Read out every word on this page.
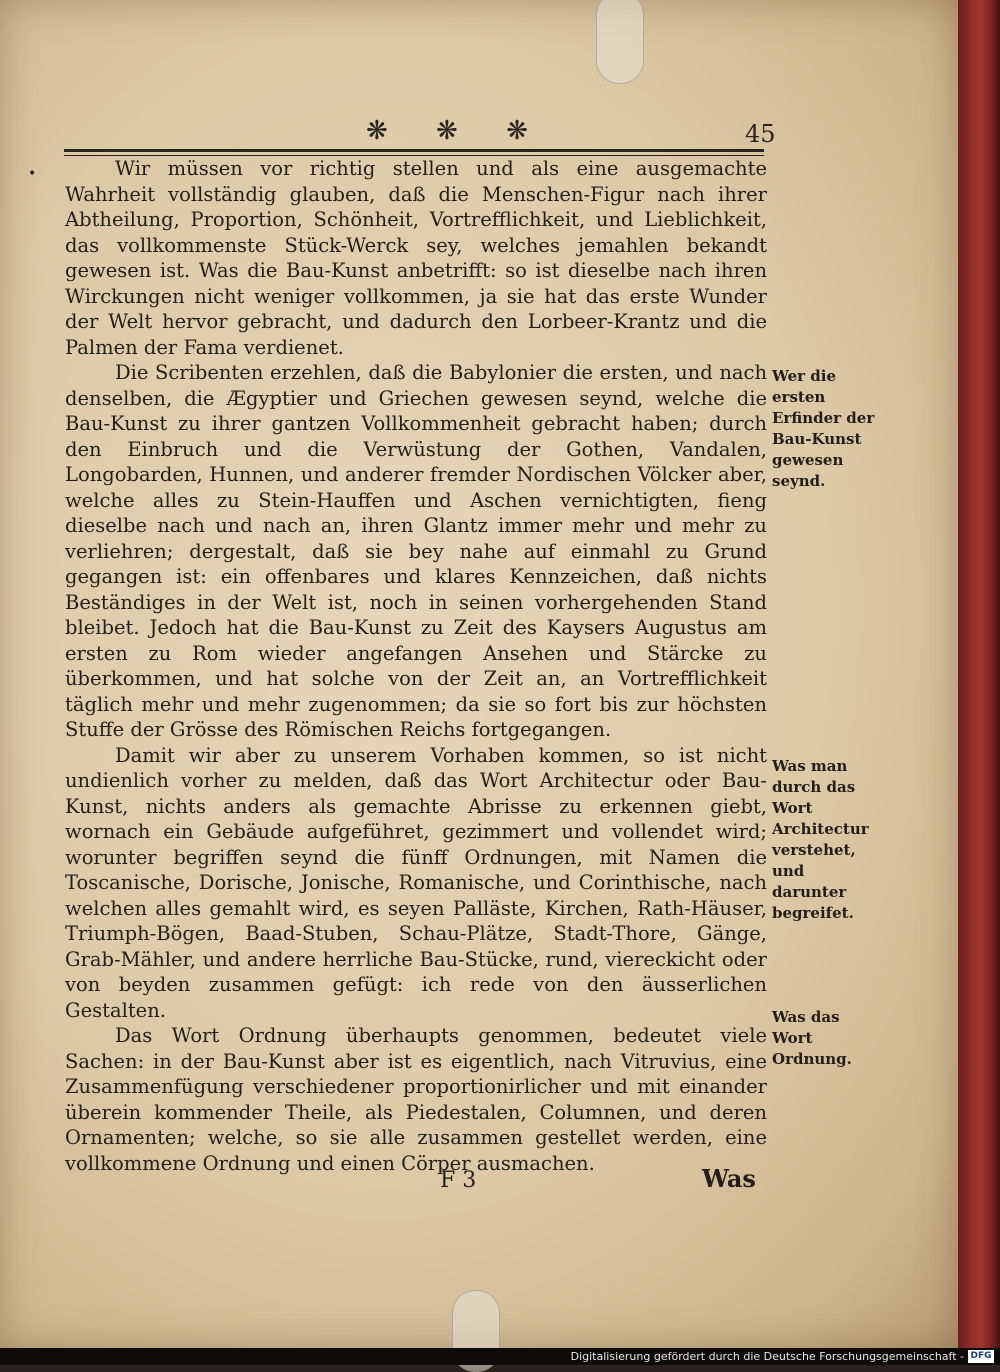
❋ ❋ ❋	45
•	Wir müssen vor richtig stellen und als eine ausgemachte Wahrheit vollständig glauben, daß die Menschen-Figur nach ihrer Abtheilung, Proportion, Schönheit, Vortrefflichkeit, und Lieblichkeit, das vollkommenste Stück-Werck sey, welches jemahlen bekandt gewesen ist. Was die Bau-Kunst anbetrifft: so ist dieselbe nach ihren Wirckungen nicht weniger vollkommen, ja sie hat das erste Wunder der Welt hervor gebracht, und dadurch den Lorbeer-Krantz und die Palmen der Fama verdienet.

Die Scribenten erzehlen, daß die Babylonier die ersten, und nach denselben, die Ægyptier und Griechen gewesen seynd, welche die Bau-Kunst zu ihrer gantzen Vollkommenheit gebracht haben; durch den Einbruch und die Verwüstung der Gothen, Vandalen, Longobarden, Hunnen, und anderer fremder Nordischen Völcker aber, welche alles zu Stein-Hauffen und Aschen vernichtigten, fieng dieselbe nach und nach an, ihren Glantz immer mehr und mehr zu verliehren; dergestalt, daß sie bey nahe auf einmahl zu Grund gegangen ist: ein offenbares und klares Kennzeichen, daß nichts Beständiges in der Welt ist, noch in seinen vorhergehenden Stand bleibet. Jedoch hat die Bau-Kunst zu Zeit des Kaysers Augustus am ersten zu Rom wieder angefangen Ansehen und Stärcke zu überkommen, und hat solche von der Zeit an, an Vortrefflichkeit täglich mehr und mehr zugenommen; da sie so fort bis zur höchsten Stuffe der Grösse des Römischen Reichs fortgegangen.

Damit wir aber zu unserem Vorhaben kommen, so ist nicht undienlich vorher zu melden, daß das Wort Architectur oder Bau-Kunst, nichts anders als gemachte Abrisse zu erkennen giebt, wornach ein Gebäude aufgeführet, gezimmert und vollendet wird; worunter begriffen seynd die fünff Ordnungen, mit Namen die Toscanische, Dorische, Jonische, Romanische, und Corinthische, nach welchen alles gemahlt wird, es seyen Palläste, Kirchen, Rath-Häuser, Triumph-Bögen, Baad-Stuben, Schau-Plätze, Stadt-Thore, Gänge, Grab-Mähler, und andere herrliche Bau-Stücke, rund, viereckicht oder von beyden zusammen gefügt: ich rede von den äusserlichen Gestalten.

Das Wort Ordnung überhaupts genommen, bedeutet viele Sachen: in der Bau-Kunst aber ist es eigentlich, nach Vitruvius, eine Zusammenfügung verschiedener proportionirlicher und mit einander überein kommender Theile, als Piedestalen, Columnen, und deren Ornamenten; welche, so sie alle zusammen gestellet werden, eine vollkommene Ordnung und einen Cörper ausmachen.

Wer die ersten Erfinder der Bau-Kunst gewesen seynd.
Was man durch das Wort Architectur verstehet, und darunter begreifet.
Was das Wort Ordnung.
F 3	Was
Digitalisierung gefördert durch die Deutsche Forschungsgemeinschaft - DFG
